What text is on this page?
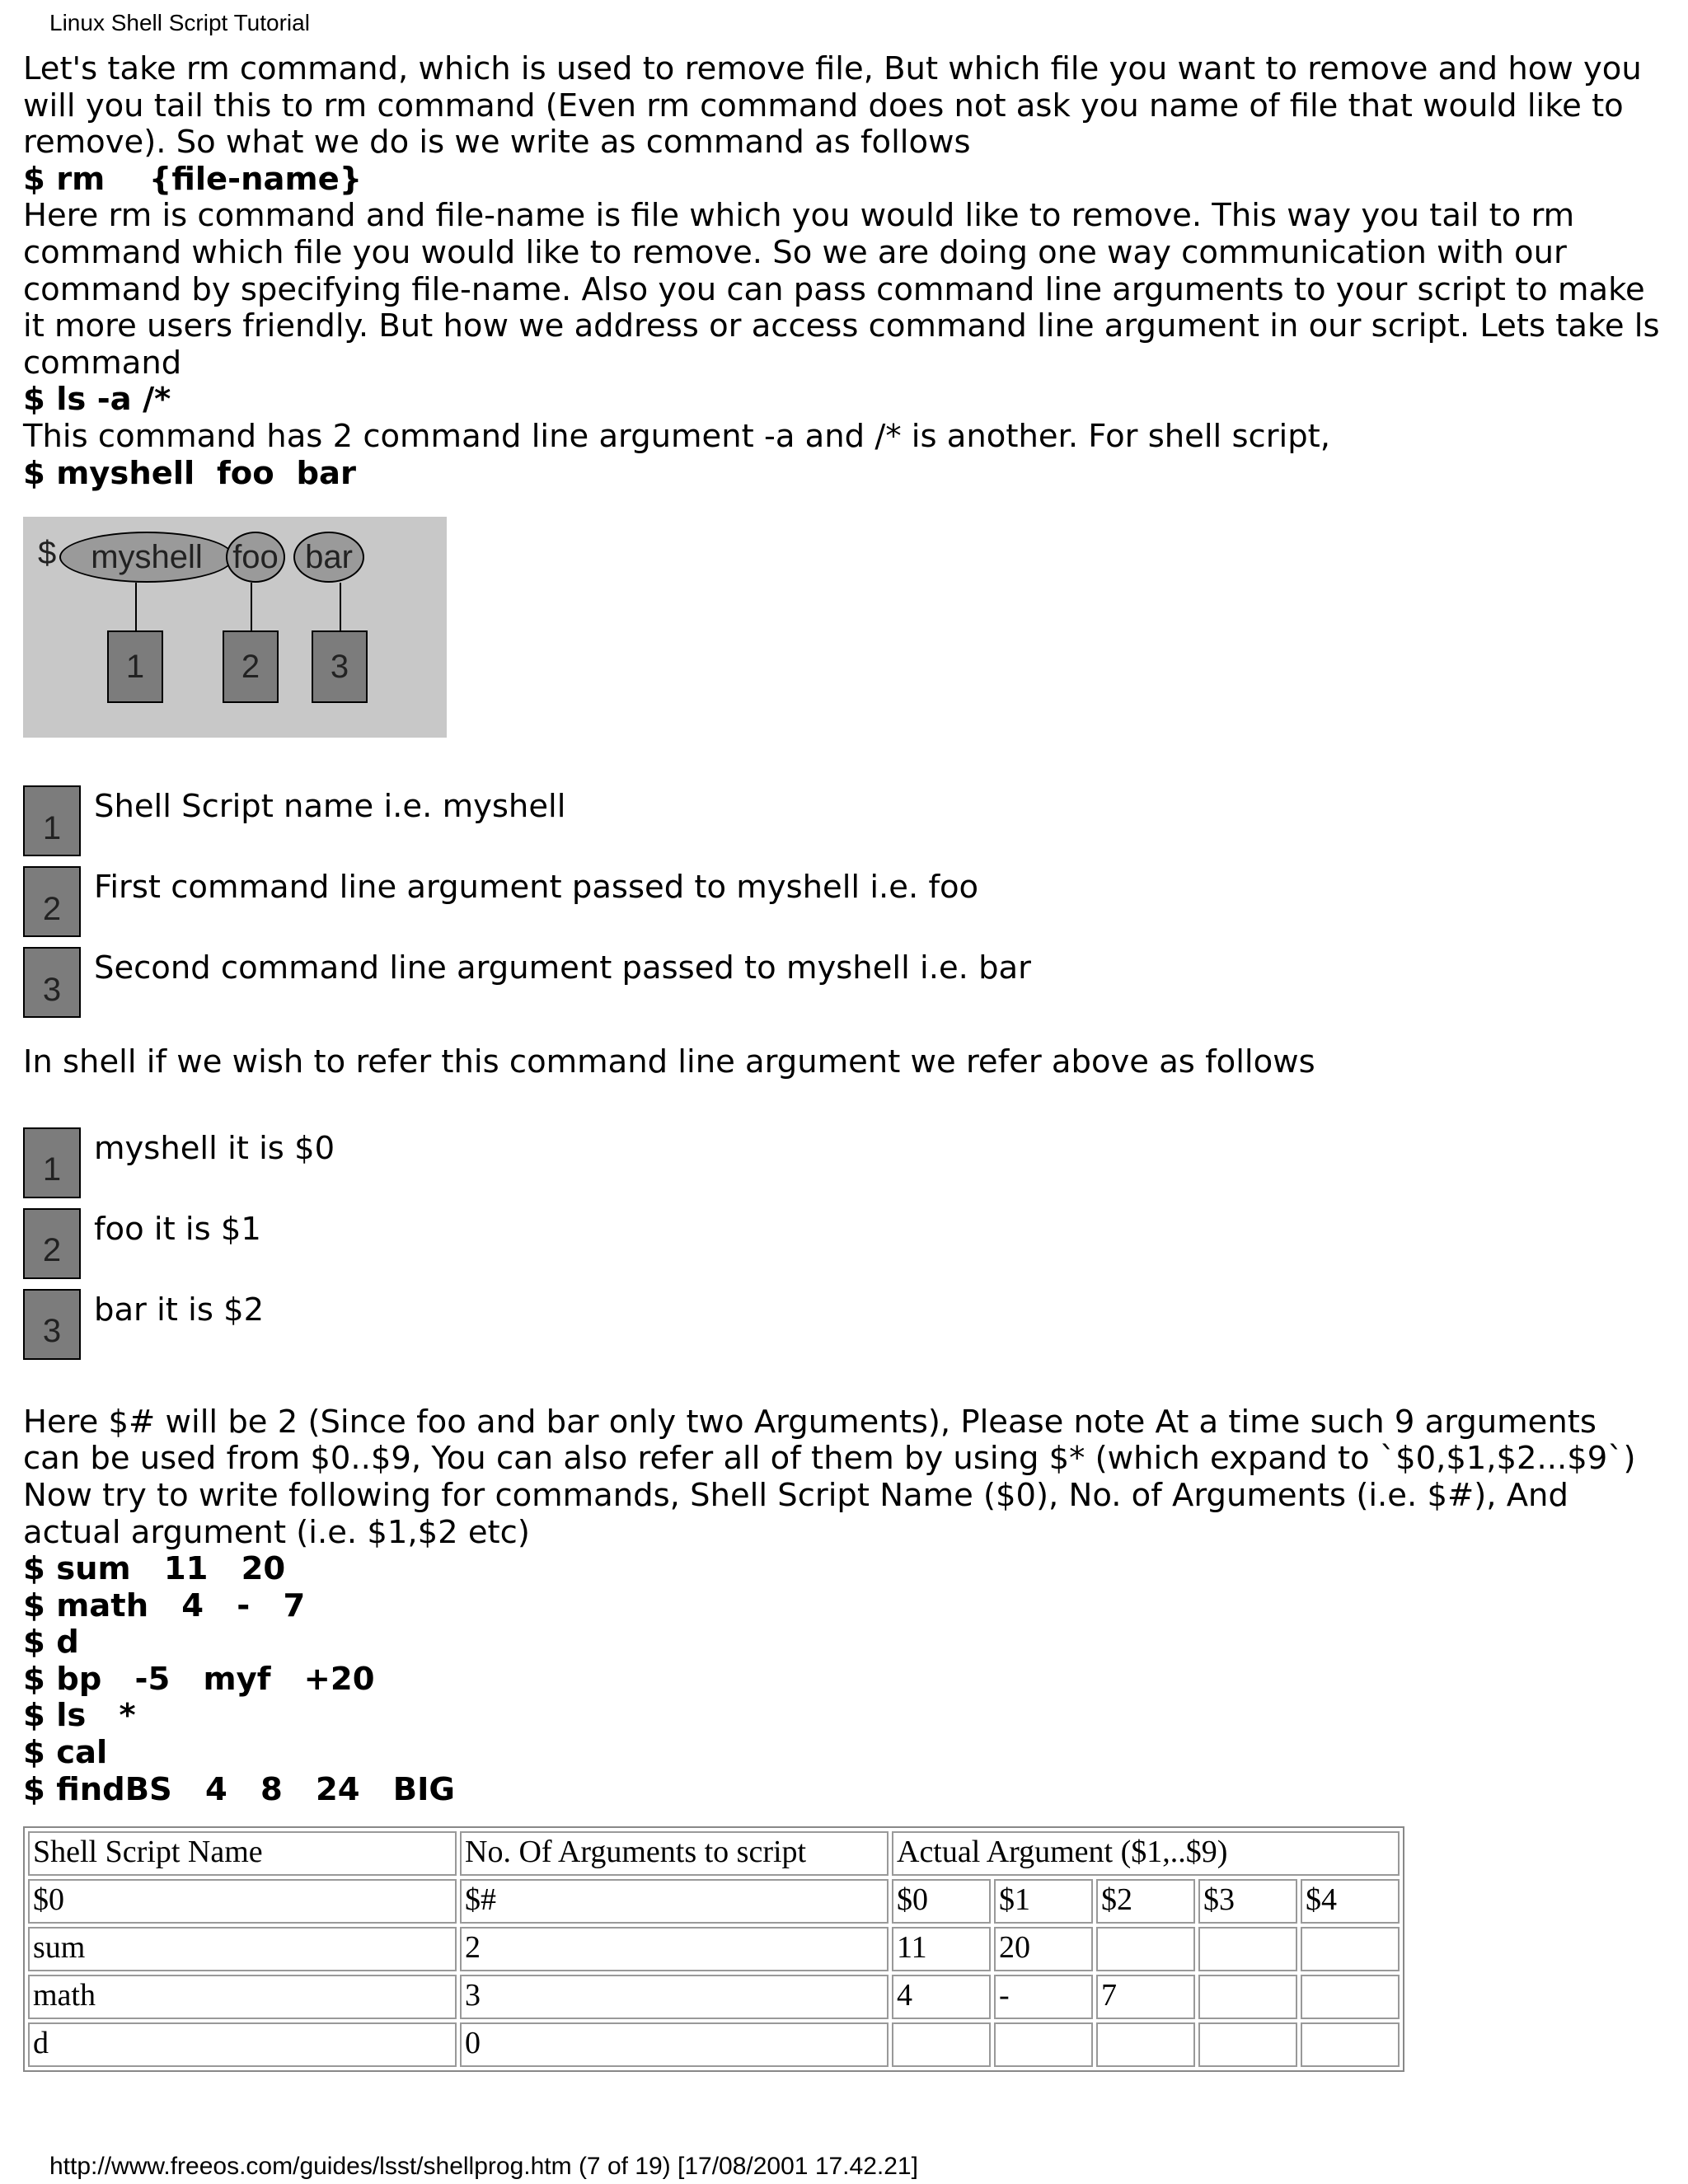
Linux Shell Script Tutorial

Let's take rm command, which is used to remove file, But which file you want to remove and how you will you tail this to rm command (Even rm command does not ask you name of file that would like to remove). So what we do is we write as command as follows

$ rm    {file-name}

Here rm is command and file-name is file which you would like to remove. This way you tail to rm command which file you would like to remove. So we are doing one way communication with our command by specifying file-name. Also you can pass command line arguments to your script to make it more users friendly. But how we address or access command line argument in our script. Lets take ls command

$ ls -a /*

This command has 2 command line argument -a and /* is another. For shell script,

$ myshell  foo  bar

$	myshell foo bar
1	2	3
1
Shell Script name i.e. myshell
2
First command line argument passed to myshell i.e. foo
3
Second command line argument passed to myshell i.e. bar

In shell if we wish to refer this command line argument we refer above as follows

1
myshell it is $0
2
foo it is $1
3
bar it is $2

Here $# will be 2 (Since foo and bar only two Arguments), Please note At a time such 9 arguments can be used from $0..$9, You can also refer all of them by using $* (which expand to `$0,$1,$2...$9`) Now try to write following for commands, Shell Script Name ($0), No. of Arguments (i.e. $#), And actual argument (i.e. $1,$2 etc)

$ sum   11   20

$ math   4   -   7

$ d

$ bp   -5   myf   +20

$ ls   *

$ cal

$ findBS   4   8   24   BIG

Shell Script Name	No. Of Arguments to script	Actual Argument ($1,..$9)				
$0	$#	$0	$1	$2	$3	$4
sum	2	11	20			
math	3	4	-	7		
d	0					
http://www.freeos.com/guides/lsst/shellprog.htm (7 of 19) [17/08/2001 17.42.21]
